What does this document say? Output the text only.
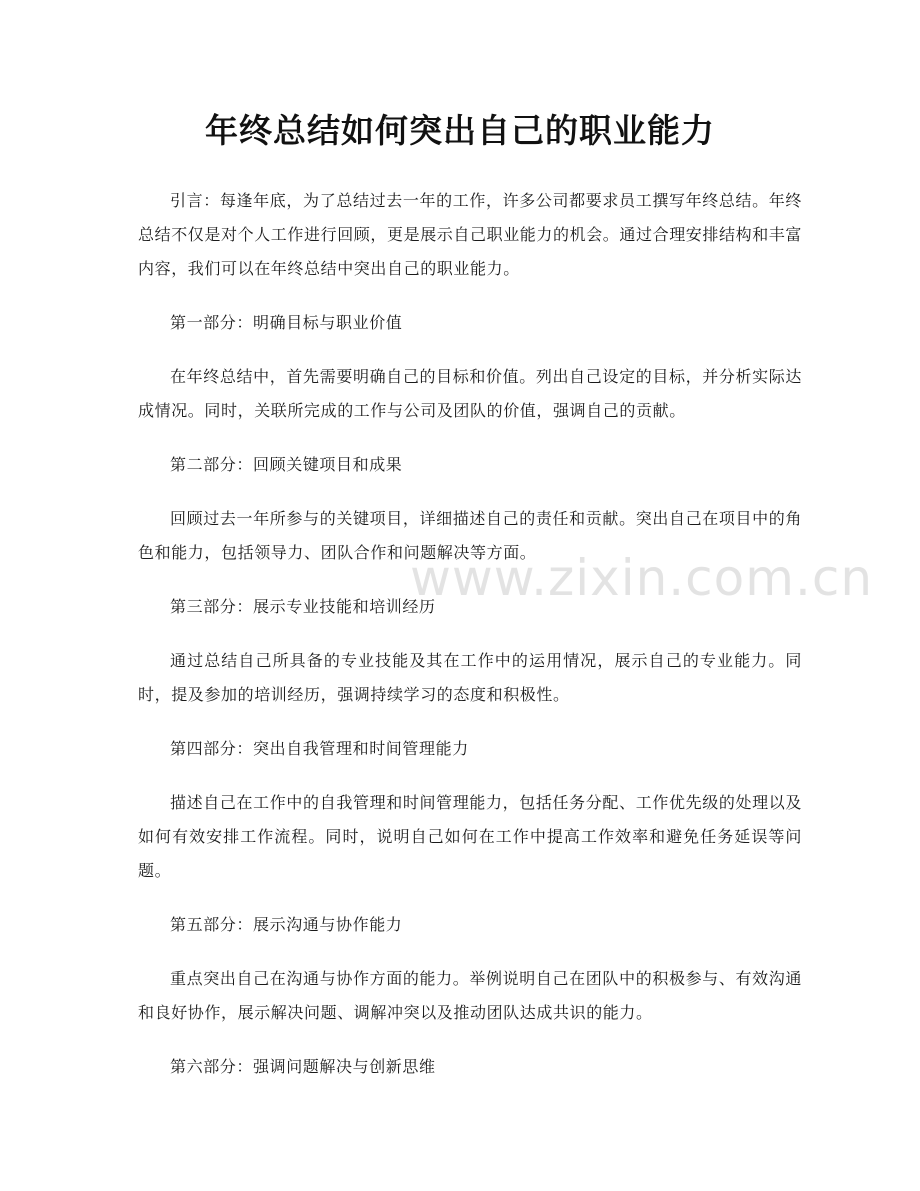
年终总结如何突出自己的职业能力

引言：每逢年底，为了总结过去一年的工作，许多公司都要求员工撰写年终总结。年终总结不仅是对个人工作进行回顾，更是展示自己职业能力的机会。通过合理安排结构和丰富内容，我们可以在年终总结中突出自己的职业能力。

第一部分：明确目标与职业价值

在年终总结中，首先需要明确自己的目标和价值。列出自己设定的目标，并分析实际达成情况。同时，关联所完成的工作与公司及团队的价值，强调自己的贡献。

第二部分：回顾关键项目和成果

回顾过去一年所参与的关键项目，详细描述自己的责任和贡献。突出自己在项目中的角色和能力，包括领导力、团队合作和问题解决等方面。

第三部分：展示专业技能和培训经历

通过总结自己所具备的专业技能及其在工作中的运用情况，展示自己的专业能力。同时，提及参加的培训经历，强调持续学习的态度和积极性。

第四部分：突出自我管理和时间管理能力

描述自己在工作中的自我管理和时间管理能力，包括任务分配、工作优先级的处理以及如何有效安排工作流程。同时，说明自己如何在工作中提高工作效率和避免任务延误等问题。

第五部分：展示沟通与协作能力

重点突出自己在沟通与协作方面的能力。举例说明自己在团队中的积极参与、有效沟通和良好协作，展示解决问题、调解冲突以及推动团队达成共识的能力。

第六部分：强调问题解决与创新思维

www.zixin.com.cn
